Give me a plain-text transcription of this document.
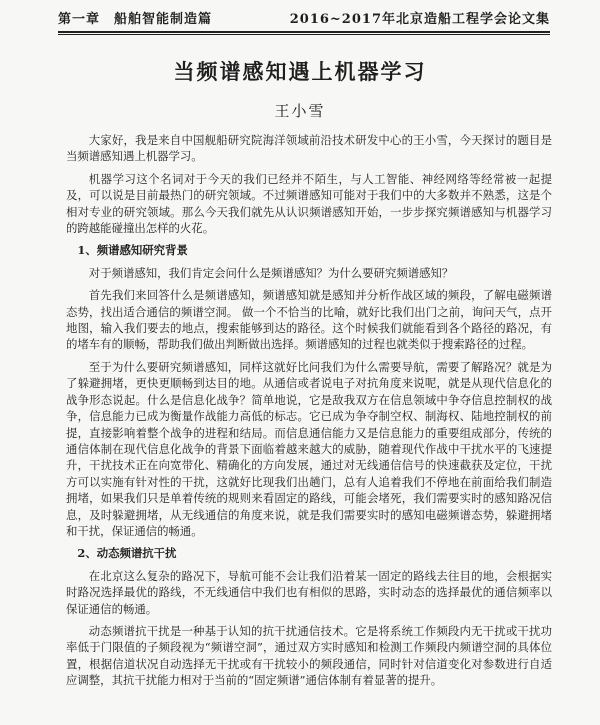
第一章　船舶智能制造篇	2016~2017年北京造船工程学会论文集
当频谱感知遇上机器学习
王小雪

大家好，我是来自中国舰船研究院海洋领域前沿技术研发中心的王小雪，今天探讨的题目是当频谱感知遇上机器学习。

机器学习这个名词对于今天的我们已经并不陌生，与人工智能、神经网络等经常被一起提及，可以说是目前最热门的研究领域。不过频谱感知可能对于我们中的大多数并不熟悉，这是个相对专业的研究领域。那么今天我们就先从认识频谱感知开始，一步步探究频谱感知与机器学习的跨越能碰撞出怎样的火花。

1、频谱感知研究背景

对于频谱感知，我们肯定会问什么是频谱感知？为什么要研究频谱感知？

首先我们来回答什么是频谱感知，频谱感知就是感知并分析作战区域的频段，了解电磁频谱态势，找出适合通信的频谱空洞。 做一个不恰当的比喻，就好比我们出门之前，询问天气，点开地图，输入我们要去的地点，搜索能够到达的路径。这个时候我们就能看到各个路径的路况，有的堵车有的顺畅，帮助我们做出判断做出选择。频谱感知的过程也就类似于搜索路径的过程。

至于为什么要研究频谱感知，同样这就好比问我们为什么需要导航，需要了解路况？就是为了躲避拥堵，更快更顺畅到达目的地。从通信或者说电子对抗角度来说呢，就是从现代信息化的战争形态说起。什么是信息化战争？简单地说，它是敌我双方在信息领域中争夺信息控制权的战争，信息能力已成为衡量作战能力高低的标志。它已成为争夺制空权、制海权、陆地控制权的前提，直接影响着整个战争的进程和结局。而信息通信能力又是信息能力的重要组成部分，传统的通信体制在现代信息化战争的背景下面临着越来越大的威胁，随着现代作战中干扰水平的飞速提升，干扰技术正在向宽带化、精确化的方向发展，通过对无线通信信号的快速截获及定位，干扰方可以实施有针对性的干扰，这就好比现我们出趟门，总有人追着我们不停地在前面给我们制造拥堵，如果我们只是单着传统的规则来看固定的路线，可能会堵死，我们需要实时的感知路况信息，及时躲避拥堵，从无线通信的角度来说，就是我们需要实时的感知电磁频谱态势，躲避拥堵和干扰，保证通信的畅通。

2、动态频谱抗干扰

在北京这么复杂的路况下，导航可能不会让我们沿着某一固定的路线去往目的地，会根据实时路况选择最优的路线，不无线通信中我们也有相似的思路，实时动态的选择最优的通信频率以保证通信的畅通。

动态频谱抗干扰是一种基于认知的抗干扰通信技术。它是将系统工作频段内无干扰或干扰功率低于门限值的子频段视为“频谱空洞”，通过双方实时感知和检测工作频段内频谱空洞的具体位置，根据信道状况自动选择无干扰或有干扰较小的频段通信，同时针对信道变化对参数进行自适应调整，其抗干扰能力相对于当前的“固定频谱”通信体制有着显著的提升。
